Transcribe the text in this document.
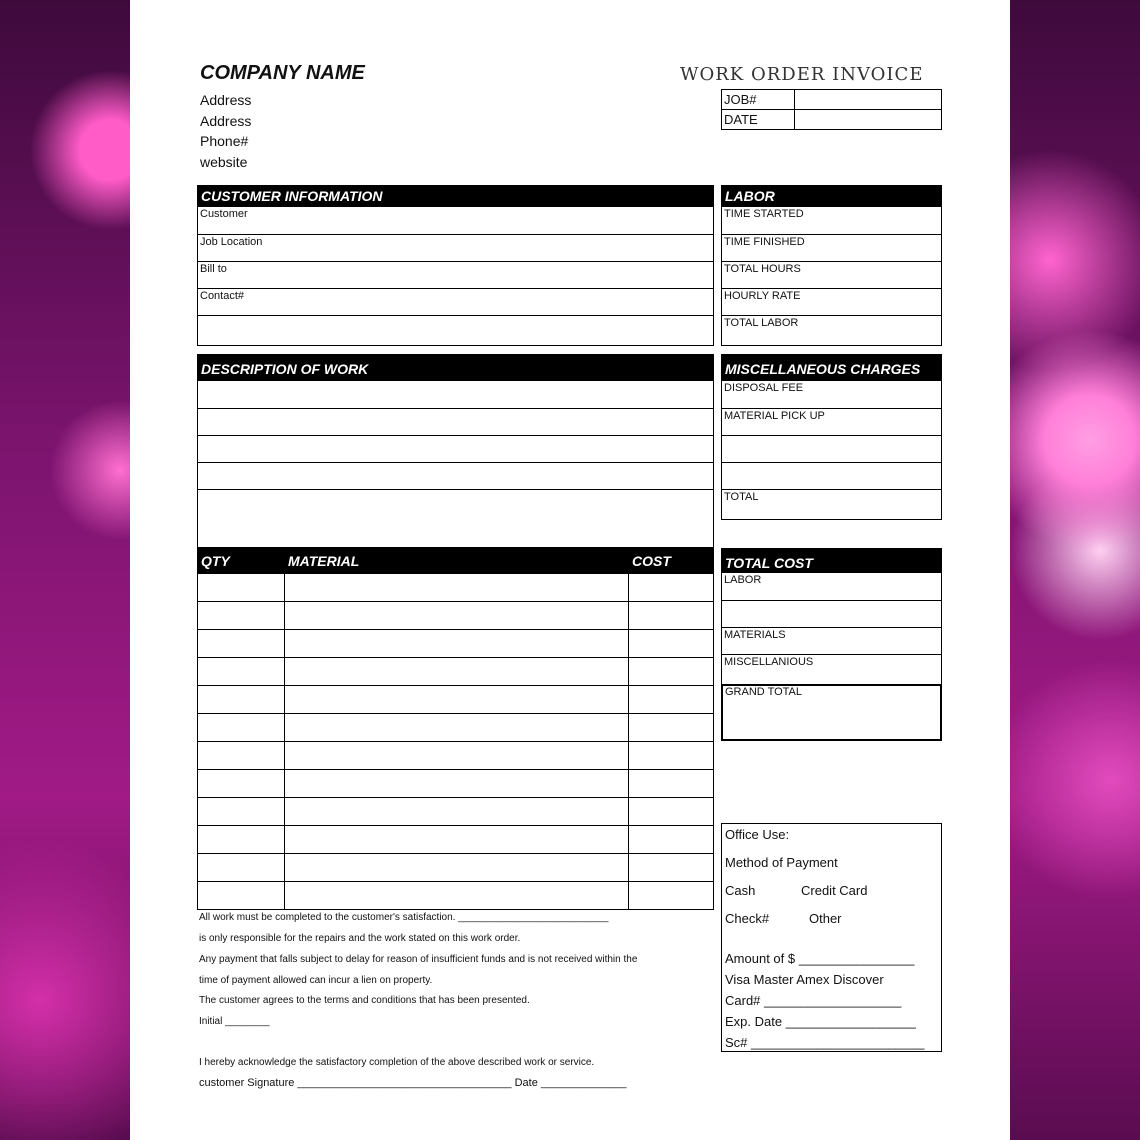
COMPANY NAME
Address
Address
Phone#
website
WORK ORDER INVOICE
JOB#	
DATE	
CUSTOMER INFORMATION
Customer
Job Location
Bill to
Contact#
LABOR
TIME STARTED
TIME FINISHED
TOTAL HOURS
HOURLY RATE
TOTAL LABOR
DESCRIPTION OF WORK	MISCELLANEOUS CHARGES
DISPOSAL FEE
MATERIAL PICK UP
TOTAL
QTY	MATERIAL	COST

			TOTAL COST
LABOR
MATERIALS
MISCELLANIOUS
GRAND TOTAL
All work must be completed to the customer's satisfaction. ___________________________
is only responsible for the repairs and the work stated on this work order.
Any payment that falls subject to delay for reason of insufficient funds and is not received within the
time of payment allowed can incur a lien on property.
The customer agrees to the terms and conditions that has been presented.
Initial ________
I hereby acknowledge the satisfactory completion of the above described work or service.
customer Signature ___________________________________ Date ______________
Office Use:
Method of Payment
Cash	Credit Card
Check#	Other
Amount of $ ________________
Visa Master Amex Discover
Card# ___________________
Exp. Date __________________
Sc# ________________________
